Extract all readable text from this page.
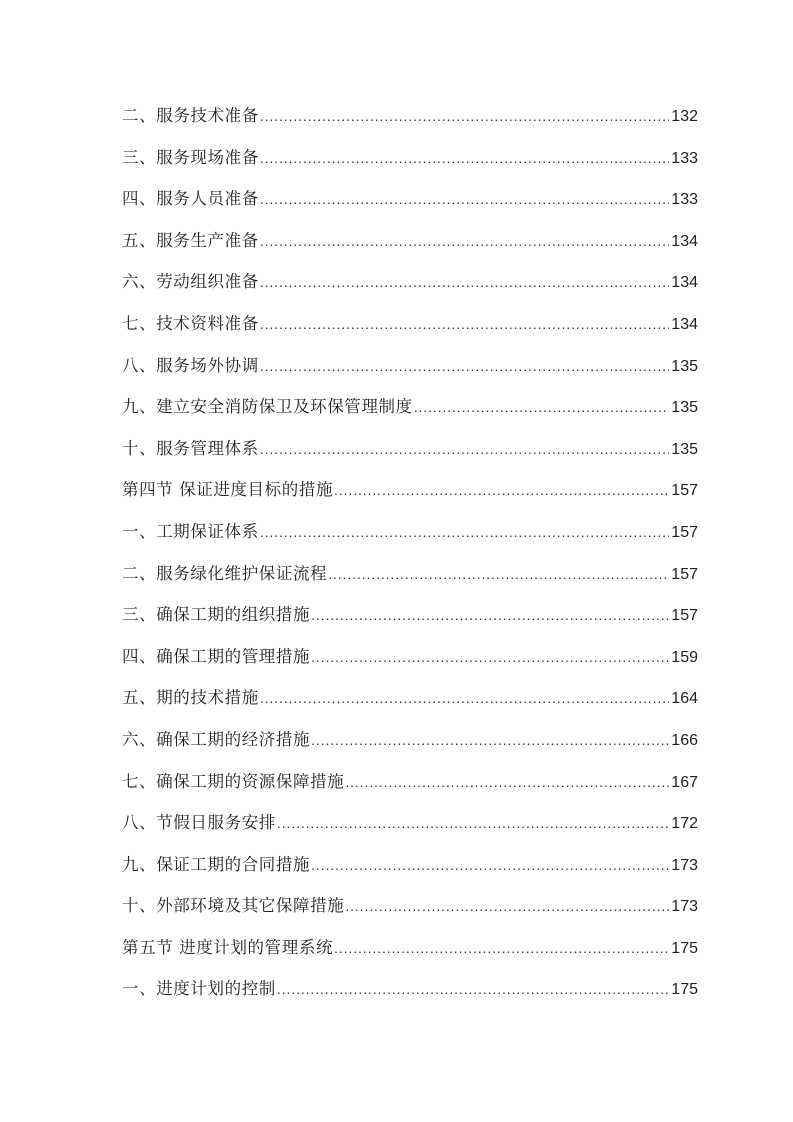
二、服务技术准备 .....	132
三、服务现场准备 .....	133
四、服务人员准备 .....	133
五、服务生产准备 .....	134
六、劳动组织准备 .....	134
七、技术资料准备 .....	134
八、服务场外协调 .....	135
九、建立安全消防保卫及环保管理制度 .....	135
十、服务管理体系 .....	135
第四节 保证进度目标的措施 .....	157
一、工期保证体系 .....	157
二、服务绿化维护保证流程 .....	157
三、确保工期的组织措施 .....	157
四、确保工期的管理措施 .....	159
五、期的技术措施 .....	164
六、确保工期的经济措施 .....	166
七、确保工期的资源保障措施 .....	167
八、节假日服务安排 .....	172
九、保证工期的合同措施 .....	173
十、外部环境及其它保障措施 .....	173
第五节 进度计划的管理系统 .....	175
一、进度计划的控制 .....	175
